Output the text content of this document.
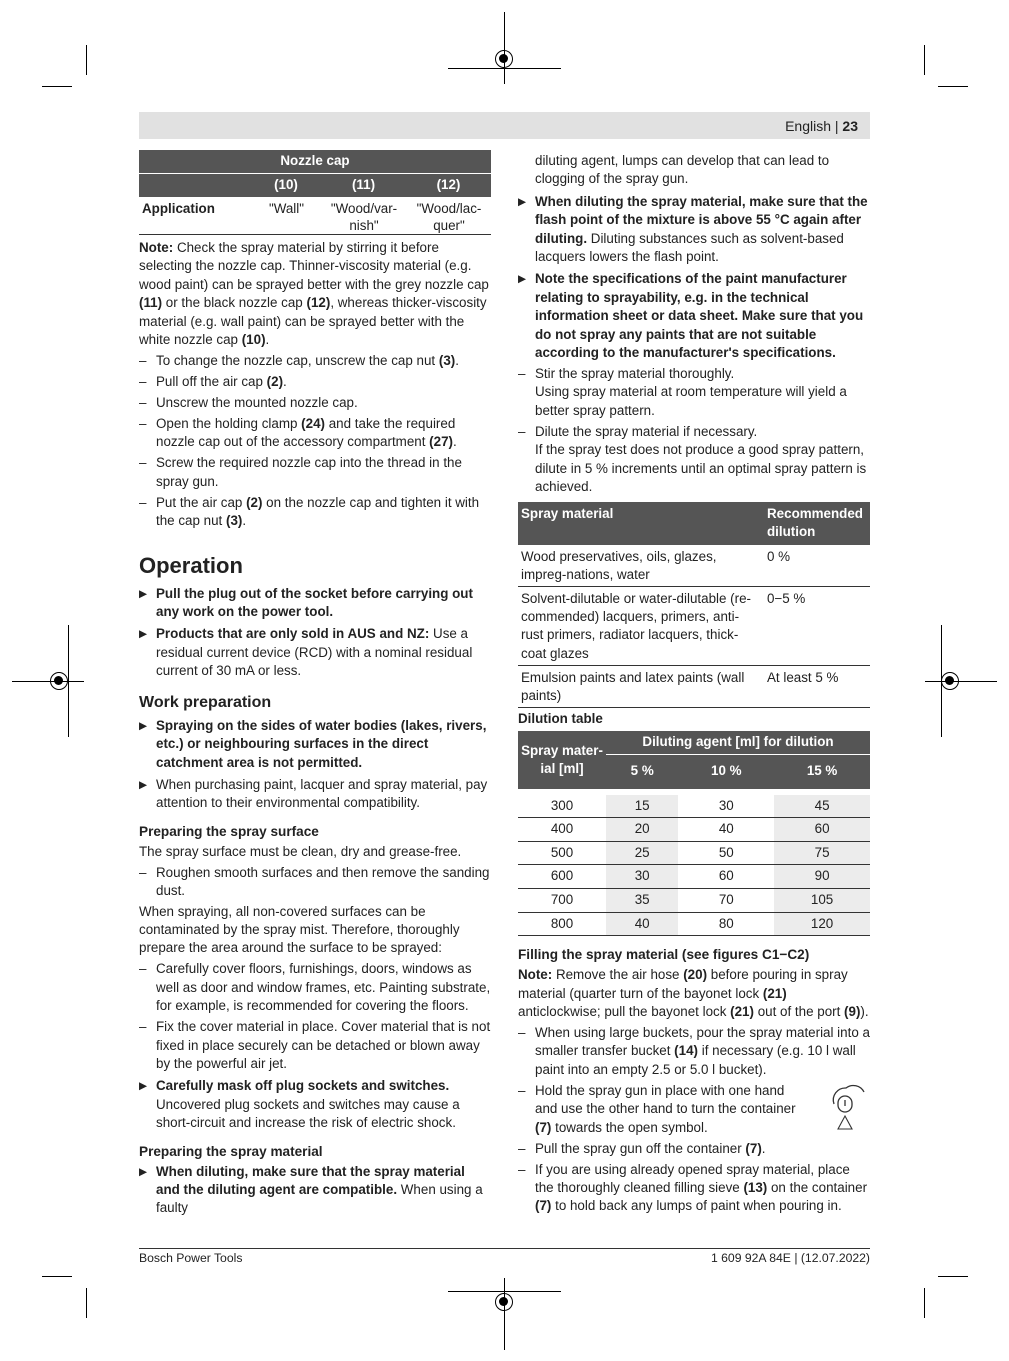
English | 23
Nozzle cap			
	(10)	(11)	(12)
Application	"Wall"	"Wood/var-nish"	"Wood/lac-quer"

Note: Check the spray material by stirring it before selecting the nozzle cap. Thinner-viscosity material (e.g. wood paint) can be sprayed better with the grey nozzle cap (11) or the black nozzle cap (12), whereas thicker-viscosity material (e.g. wall paint) can be sprayed better with the white nozzle cap (10).

– To change the nozzle cap, unscrew the cap nut (3).
– Pull off the air cap (2).
– Unscrew the mounted nozzle cap.
– Open the holding clamp (24) and take the required nozzle cap out of the accessory compartment (27).
– Screw the required nozzle cap into the thread in the spray gun.
– Put the air cap (2) on the nozzle cap and tighten it with the cap nut (3).
Operation
▶ Pull the plug out of the socket before carrying out any work on the power tool.
▶ Products that are only sold in AUS and NZ: Use a residual current device (RCD) with a nominal residual current of 30 mA or less.
Work preparation
▶ Spraying on the sides of water bodies (lakes, rivers, etc.) or neighbouring surfaces in the direct catchment area is not permitted.
▶ When purchasing paint, lacquer and spray material, pay attention to their environmental compatibility.
Preparing the spray surface

The spray surface must be clean, dry and grease-free.

– Roughen smooth surfaces and then remove the sanding dust.

When spraying, all non-covered surfaces can be contaminated by the spray mist. Therefore, thoroughly prepare the area around the surface to be sprayed:

– Carefully cover floors, furnishings, doors, windows as well as door and window frames, etc. Painting substrate, for example, is recommended for covering the floors.
– Fix the cover material in place. Cover material that is not fixed in place securely can be detached or blown away by the powerful air jet.
▶ Carefully mask off plug sockets and switches. Uncovered plug sockets and switches may cause a short-circuit and increase the risk of electric shock.
Preparing the spray material
▶ When diluting, make sure that the spray material and the diluting agent are compatible. When using a faulty

diluting agent, lumps can develop that can lead to clogging of the spray gun.

▶ When diluting the spray material, make sure that the flash point of the mixture is above 55 °C again after diluting. Diluting substances such as solvent-based lacquers lowers the flash point.
▶ Note the specifications of the paint manufacturer relating to sprayability, e.g. in the technical information sheet or data sheet. Make sure that you do not spray any paints that are not suitable according to the manufacturer's specifications.
– Stir the spray material thoroughly.
Using spray material at room temperature will yield a better spray pattern.
– Dilute the spray material if necessary.
If the spray test does not produce a good spray pattern, dilute in 5 % increments until an optimal spray pattern is achieved.
Spray material	Recommended dilution
Wood preservatives, oils, glazes, impreg-nations, water	0 %
Solvent-dilutable or water-dilutable (re-commended) lacquers, primers, anti-rust primers, radiator lacquers, thick-coat glazes	0−5 %
Emulsion paints and latex paints (wall paints)	At least 5 %
Dilution table
Spray mater-ial [ml]	Diluting agent [ml] for dilution		
	5 %	10 %	15 %

300	15	30	45
400	20	40	60
500	25	50	75
600	30	60	90
700	35	70	105
800	40	80	120
Filling the spray material (see figures C1−C2)

Note: Remove the air hose (20) before pouring in spray material (quarter turn of the bayonet lock (21) anticlockwise; pull the bayonet lock (21) out of the port (9)).

– When using large buckets, pour the spray material into a smaller transfer bucket (14) if necessary (e.g. 10 l wall paint into an empty 2.5 or 5.0 l bucket).
– Hold the spray gun in place with one hand and use the other hand to turn the container (7) towards the open symbol.
– Pull the spray gun off the container (7).
– If you are using already opened spray material, place the thoroughly cleaned filling sieve (13) on the container (7) to hold back any lumps of paint when pouring in.
Bosch Power Tools	1 609 92A 84E | (12.07.2022)
